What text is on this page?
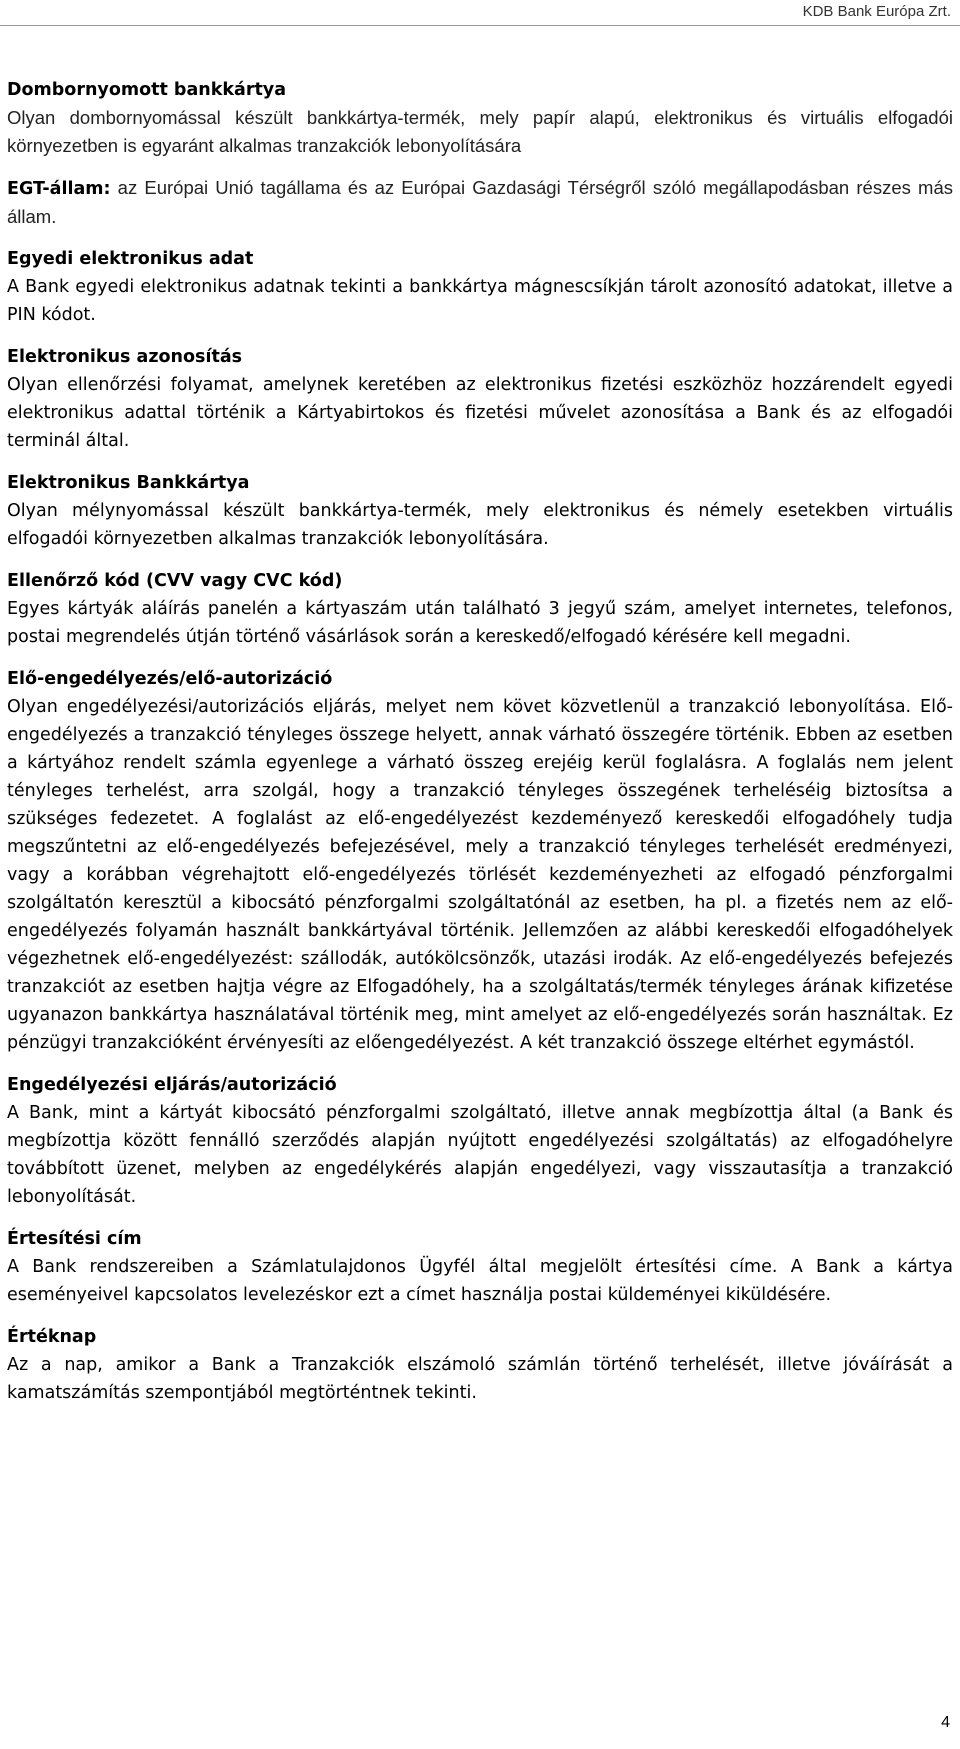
KDB Bank Európa Zrt.

Dombornyomott bankkártya

Olyan dombornyomással készült bankkártya-termék, mely papír alapú, elektronikus és virtuális elfogadói környezetben is egyaránt alkalmas tranzakciók lebonyolítására

EGT-állam: az Európai Unió tagállama és az Európai Gazdasági Térségről szóló megállapodásban részes más állam.

Egyedi elektronikus adat

A Bank egyedi elektronikus adatnak tekinti a bankkártya mágnescsíkján tárolt azonosító adatokat, illetve a PIN kódot.

Elektronikus azonosítás

Olyan ellenőrzési folyamat, amelynek keretében az elektronikus fizetési eszközhöz hozzárendelt egyedi elektronikus adattal történik a Kártyabirtokos és fizetési művelet azonosítása a Bank és az elfogadói terminál által.

Elektronikus Bankkártya

Olyan mélynyomással készült bankkártya-termék, mely elektronikus és némely esetekben virtuális elfogadói környezetben alkalmas tranzakciók lebonyolítására.

Ellenőrző kód (CVV vagy CVC kód)

Egyes kártyák aláírás panelén a kártyaszám után található 3 jegyű szám, amelyet internetes, telefonos, postai megrendelés útján történő vásárlások során a kereskedő/elfogadó kérésére kell megadni.

Elő-engedélyezés/elő-autorizáció

Olyan engedélyezési/autorizációs eljárás, melyet nem követ közvetlenül a tranzakció lebonyolítása. Elő-engedélyezés a tranzakció tényleges összege helyett, annak várható összegére történik. Ebben az esetben a kártyához rendelt számla egyenlege a várható összeg erejéig kerül foglalásra. A foglalás nem jelent tényleges terhelést, arra szolgál, hogy a tranzakció tényleges összegének terheléséig biztosítsa a szükséges fedezetet. A foglalást az elő-engedélyezést kezdeményező kereskedői elfogadóhely tudja megszűntetni az elő-engedélyezés befejezésével, mely a tranzakció tényleges terhelését eredményezi, vagy a korábban végrehajtott elő-engedélyezés törlését kezdeményezheti az elfogadó pénzforgalmi szolgáltatón keresztül a kibocsátó pénzforgalmi szolgáltatónál az esetben, ha pl. a fizetés nem az elő-engedélyezés folyamán használt bankkártyával történik. Jellemzően az alábbi kereskedői elfogadóhelyek végezhetnek elő-engedélyezést: szállodák, autókölcsönzők, utazási irodák. Az elő-engedélyezés befejezés tranzakciót az esetben hajtja végre az Elfogadóhely, ha a szolgáltatás/termék tényleges árának kifizetése ugyanazon bankkártya használatával történik meg, mint amelyet az elő-engedélyezés során használtak. Ez pénzügyi tranzakcióként érvényesíti az előengedélyezést. A két tranzakció összege eltérhet egymástól.

Engedélyezési eljárás/autorizáció

A Bank, mint a kártyát kibocsátó pénzforgalmi szolgáltató, illetve annak megbízottja által (a Bank és megbízottja között fennálló szerződés alapján nyújtott engedélyezési szolgáltatás) az elfogadóhelyre továbbított üzenet, melyben az engedélykérés alapján engedélyezi, vagy visszautasítja a tranzakció lebonyolítását.

Értesítési cím

A Bank rendszereiben a Számlatulajdonos Ügyfél által megjelölt értesítési címe. A Bank a kártya eseményeivel kapcsolatos levelezéskor ezt a címet használja postai küldeményei kiküldésére.

Értéknap

Az a nap, amikor a Bank a Tranzakciók elszámoló számlán történő terhelését, illetve jóváírását a kamatszámítás szempontjából megtörténtnek tekinti.

4
